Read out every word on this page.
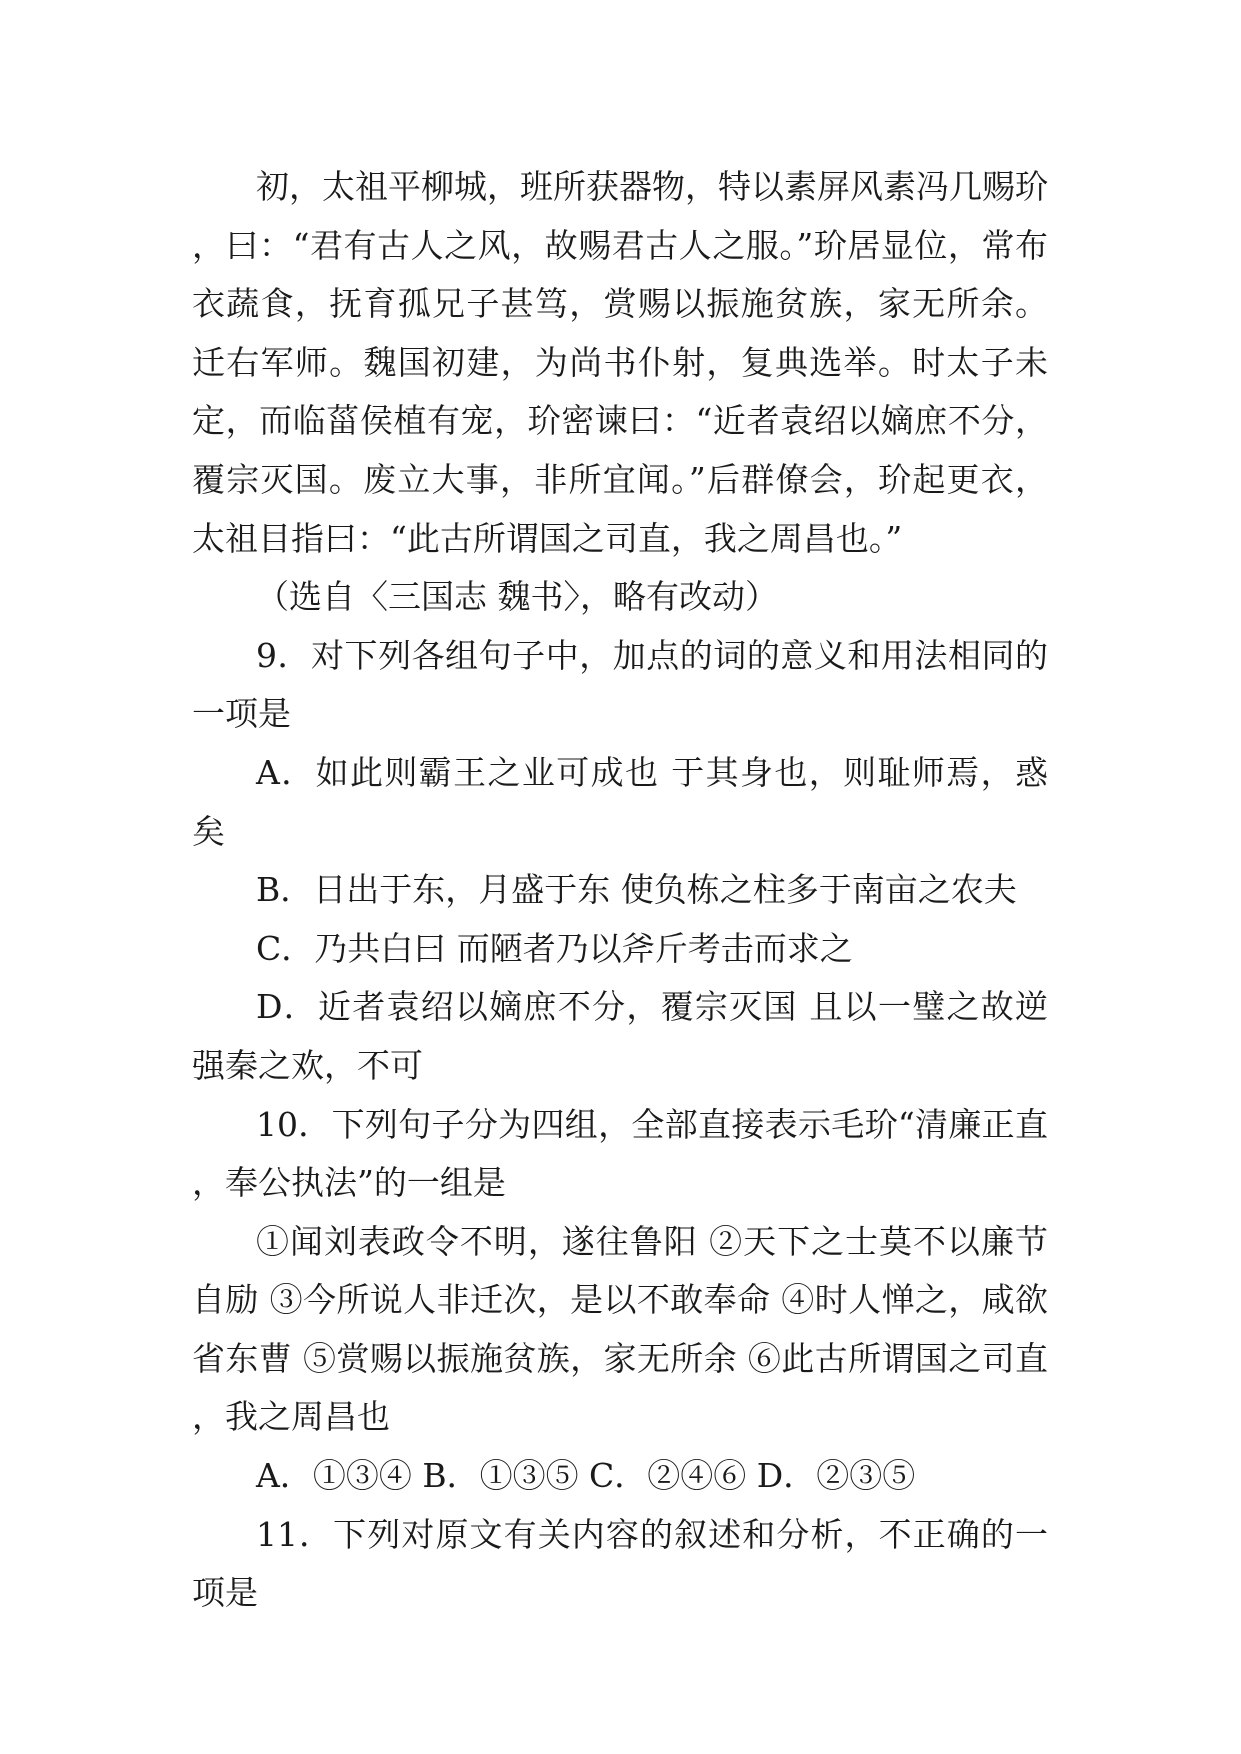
初，太祖平柳城，班所获器物，特以素屏风素冯几赐玠，曰：“君有古人之风，故赐君古人之服。”玠居显位，常布衣蔬食，抚育孤兄子甚笃，赏赐以振施贫族，家无所余。迁右军师。魏国初建，为尚书仆射，复典选举。时太子未定，而临菑侯植有宠，玠密谏曰：“近者袁绍以嫡庶不分，覆宗灭国。废立大事，非所宜闻。”后群僚会，玠起更衣，太祖目指曰：“此古所谓国之司直，我之周昌也。”

（选自〈三国志 魏书〉，略有改动）

9．对下列各组句子中，加点的词的意义和用法相同的一项是

A．如此则霸王之业可成也 于其身也，则耻师焉，惑矣

B．日出于东，月盛于东 使负栋之柱多于南亩之农夫

C．乃共白曰 而陋者乃以斧斤考击而求之

D．近者袁绍以嫡庶不分，覆宗灭国 且以一璧之故逆强秦之欢，不可

10．下列句子分为四组，全部直接表示毛玠“清廉正直，奉公执法”的一组是

①闻刘表政令不明，遂往鲁阳 ②天下之士莫不以廉节自励 ③今所说人非迁次，是以不敢奉命 ④时人惮之，咸欲省东曹 ⑤赏赐以振施贫族，家无所余 ⑥此古所谓国之司直，我之周昌也

A．①③④ B．①③⑤ C．②④⑥ D．②③⑤

11．下列对原文有关内容的叙述和分析，不正确的一项是
